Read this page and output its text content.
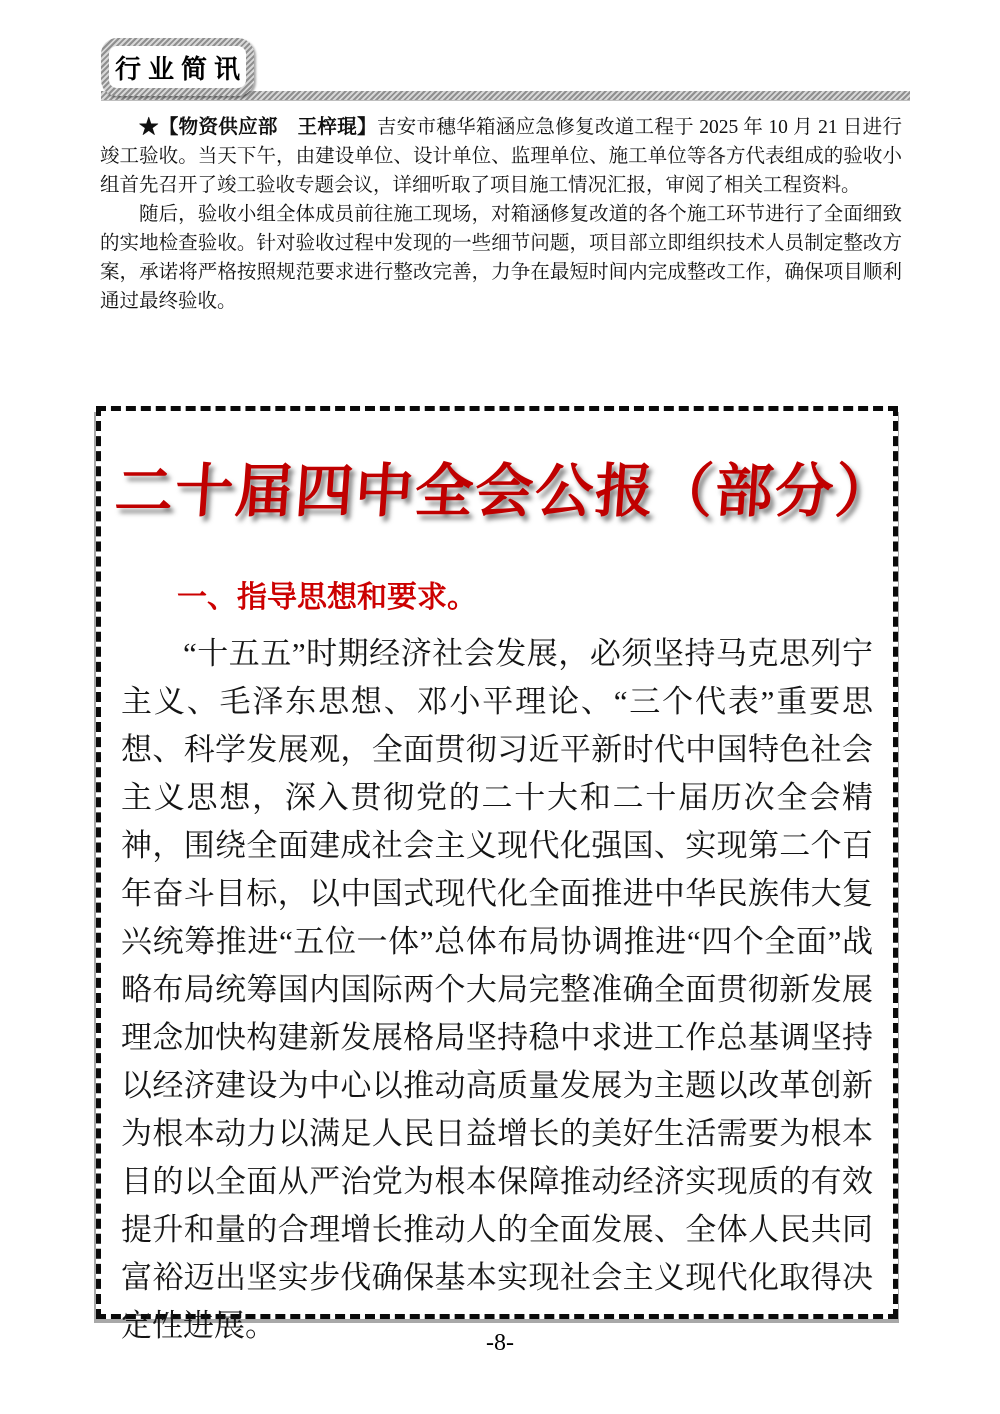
行业简讯

★【物资供应部　王梓琨】吉安市穗华箱涵应急修复改道工程于 2025 年 10 月 21 日进行竣工验收。当天下午，由建设单位、设计单位、监理单位、施工单位等各方代表组成的验收小组首先召开了竣工验收专题会议，详细听取了项目施工情况汇报，审阅了相关工程资料。

随后，验收小组全体成员前往施工现场，对箱涵修复改道的各个施工环节进行了全面细致的实地检查验收。针对验收过程中发现的一些细节问题，项目部立即组织技术人员制定整改方案，承诺将严格按照规范要求进行整改完善，力争在最短时间内完成整改工作，确保项目顺利通过最终验收。

二十届四中全会公报（部分）
一、指导思想和要求。
“十五五”时期经济社会发展，必须坚持马克思列宁主义、毛泽东思想、邓小平理论、“三个代表”重要思想、科学发展观，全面贯彻习近平新时代中国特色社会主义思想，深入贯彻党的二十大和二十届历次全会精神，围绕全面建成社会主义现代化强国、实现第二个百年奋斗目标，以中国式现代化全面推进中华民族伟大复兴统筹推进“五位一体”总体布局协调推进“四个全面”战略布局统筹国内国际两个大局完整准确全面贯彻新发展理念加快构建新发展格局坚持稳中求进工作总基调坚持以经济建设为中心以推动高质量发展为主题以改革创新为根本动力以满足人民日益增长的美好生活需要为根本目的以全面从严治党为根本保障推动经济实现质的有效提升和量的合理增长推动人的全面发展、全体人民共同富裕迈出坚实步伐确保基本实现社会主义现代化取得决定性进展。
-8-
